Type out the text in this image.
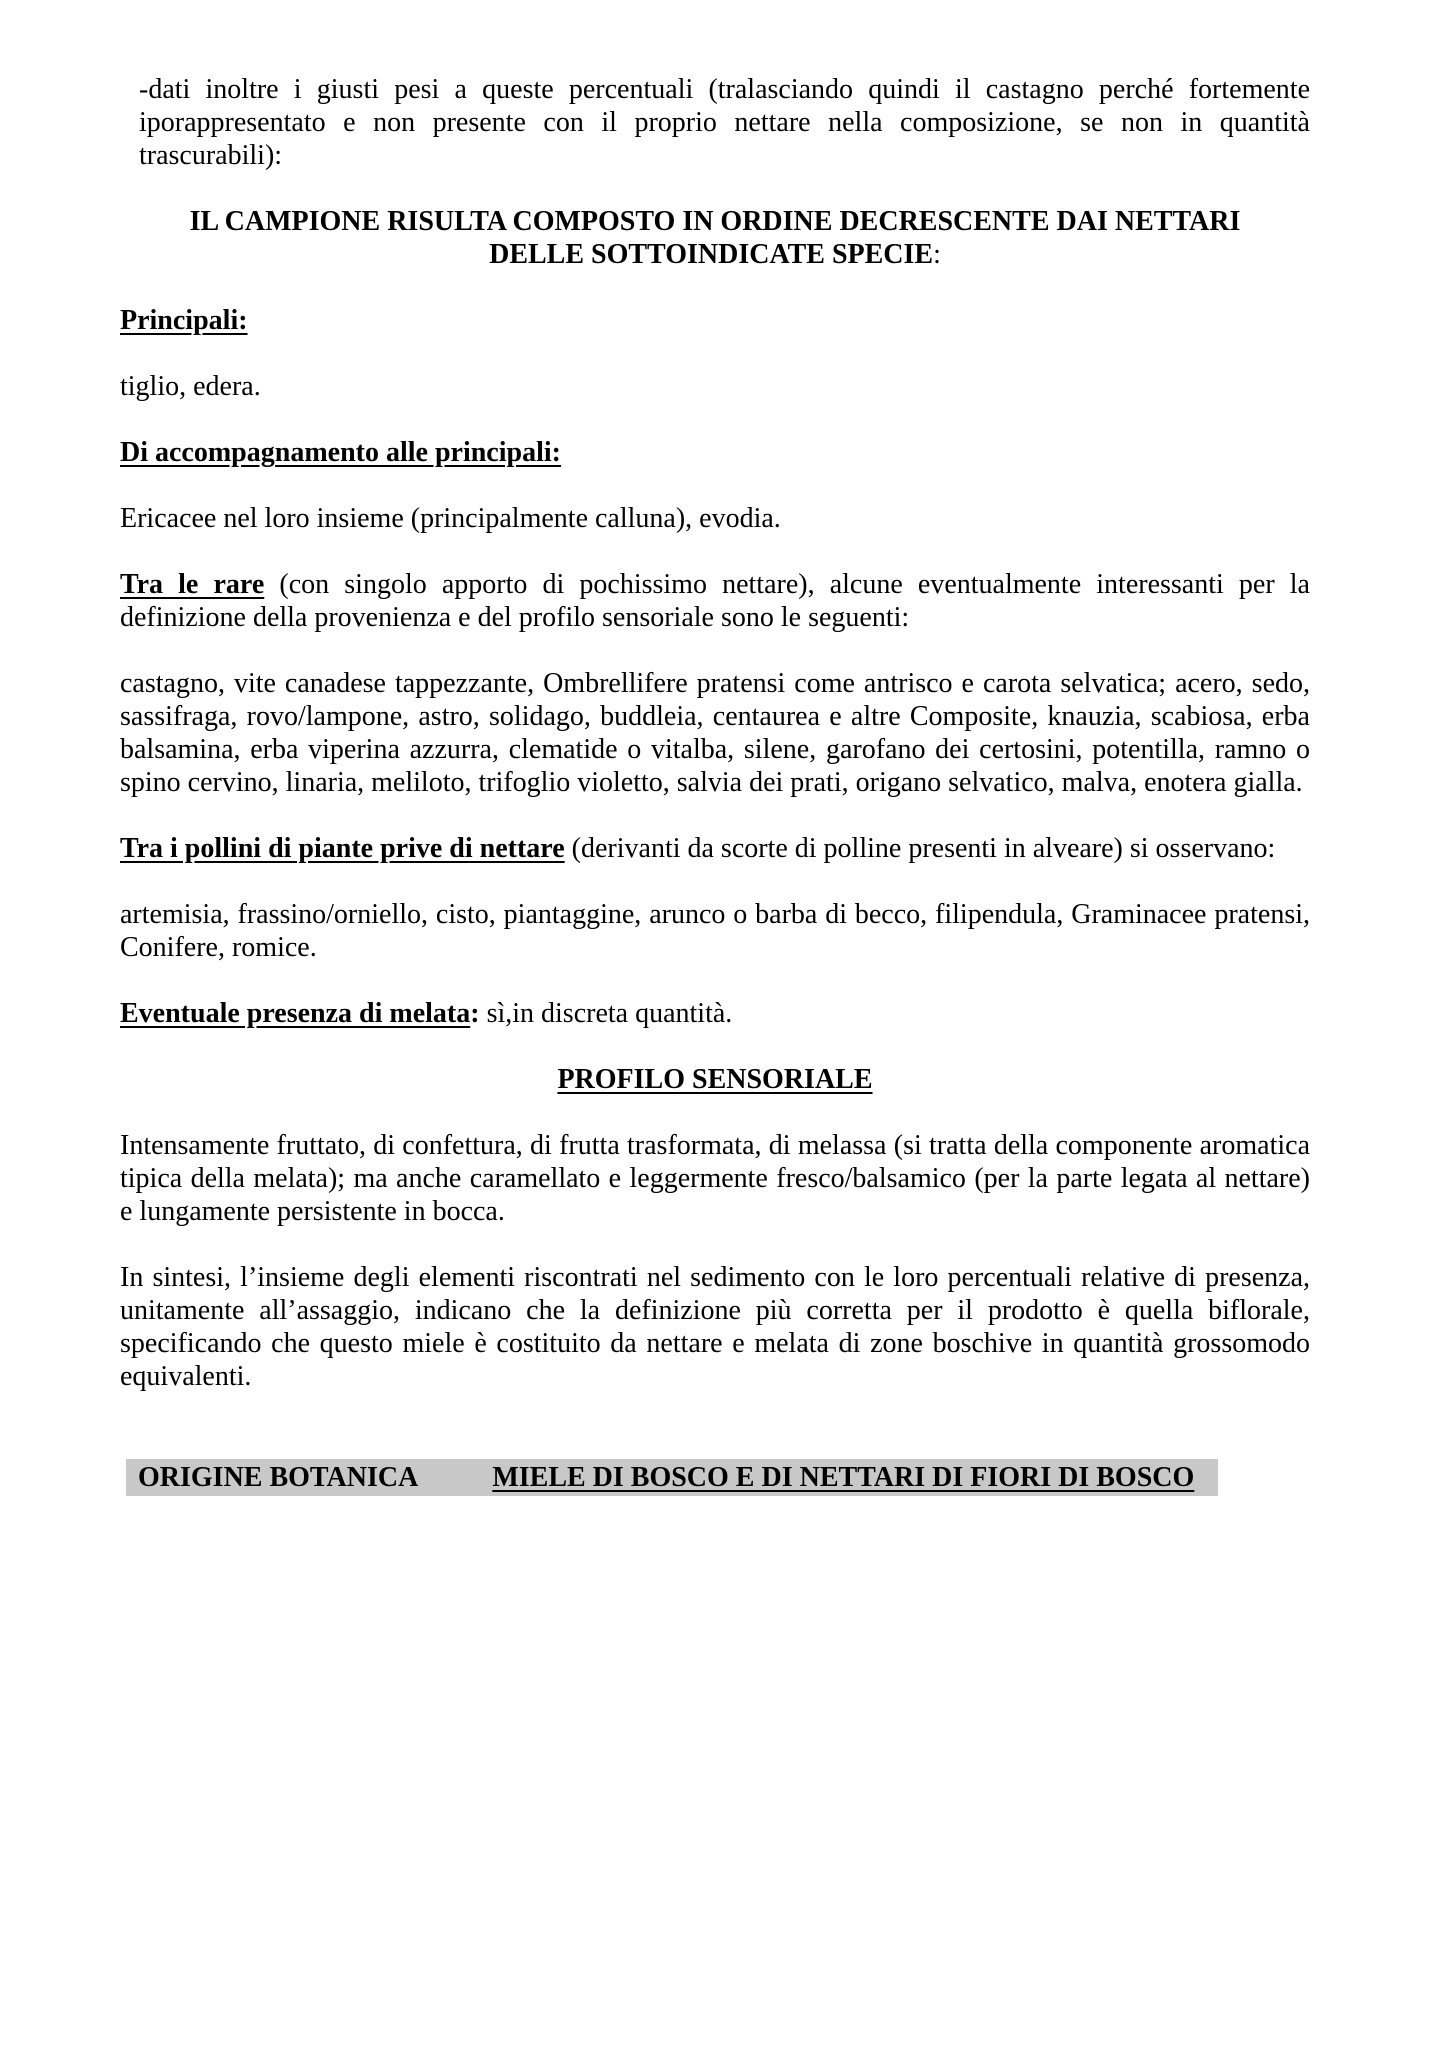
-dati inoltre i giusti pesi a queste percentuali (tralasciando quindi il castagno perché fortemente iporappresentato e non presente con il proprio nettare nella composizione, se non in quantità trascurabili):

IL CAMPIONE RISULTA COMPOSTO IN ORDINE DECRESCENTE DAI NETTARI
DELLE SOTTOINDICATE SPECIE:

Principali:

tiglio, edera.

Di accompagnamento alle principali:

Ericacee nel loro insieme (principalmente calluna), evodia.

Tra le rare (con singolo apporto di pochissimo nettare), alcune eventualmente interessanti per la definizione della provenienza e del profilo sensoriale sono le seguenti:

castagno, vite canadese tappezzante, Ombrellifere pratensi come antrisco e carota selvatica; acero, sedo, sassifraga, rovo/lampone, astro, solidago, buddleia, centaurea e altre Composite, knauzia, scabiosa, erba balsamina, erba viperina azzurra, clematide o vitalba, silene, garofano dei certosini, potentilla, ramno o spino cervino, linaria, meliloto, trifoglio violetto, salvia dei prati, origano selvatico, malva, enotera gialla.

Tra i pollini di piante prive di nettare (derivanti da scorte di polline presenti in alveare) si osservano:

artemisia, frassino/orniello, cisto, piantaggine, arunco o barba di becco, filipendula, Graminacee pratensi, Conifere, romice.

Eventuale presenza di melata: sì,in discreta quantità.

PROFILO SENSORIALE

Intensamente fruttato, di confettura, di frutta trasformata, di melassa (si tratta della componente aromatica tipica della melata); ma anche caramellato e leggermente fresco/balsamico (per la parte legata al nettare) e lungamente persistente in bocca.

In sintesi, l’insieme degli elementi riscontrati nel sedimento con le loro percentuali relative di presenza, unitamente all’assaggio, indicano che la definizione più corretta per il prodotto è quella biflorale, specificando che questo miele è costituito da nettare e melata di zone boschive in quantità grossomodo equivalenti.

ORIGINE BOTANICA	MIELE DI BOSCO E DI NETTARI DI FIORI DI BOSCO
